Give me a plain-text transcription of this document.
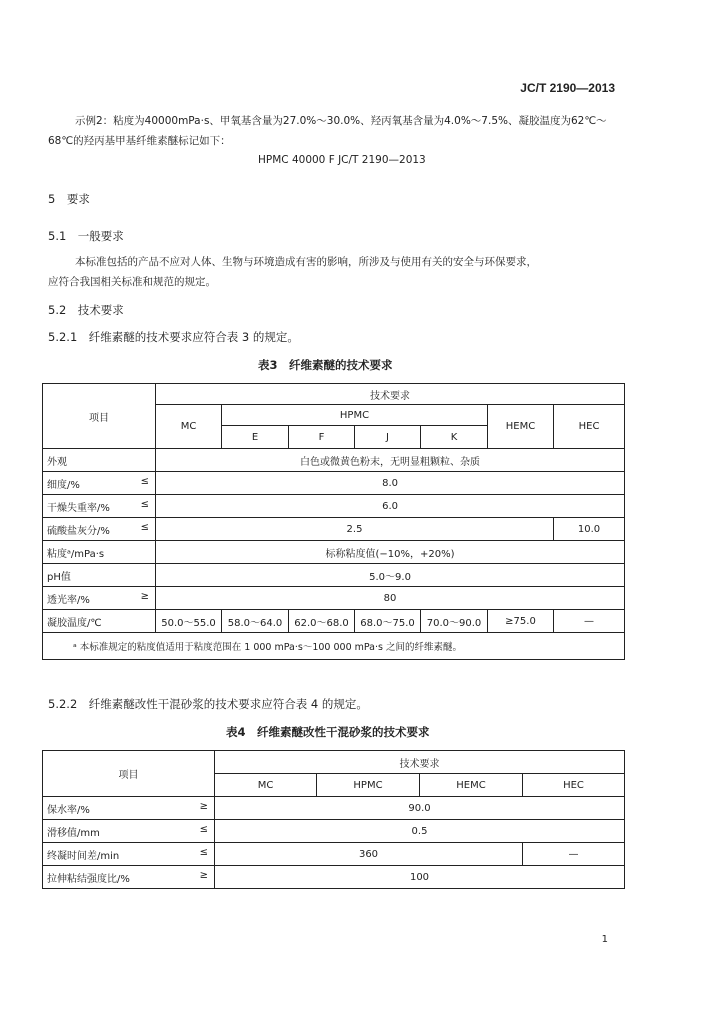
JC/T 2190—2013
示例2：粘度为40000mPa·s、甲氧基含量为27.0%～30.0%、羟丙氧基含量为4.0%～7.5%、凝胶温度为62℃～
68℃的羟丙基甲基纤维素醚标记如下：
HPMC 40000 F JC/T 2190—2013
5　要求
5.1　一般要求
本标准包括的产品不应对人体、生物与环境造成有害的影响，所涉及与使用有关的安全与环保要求，
应符合我国相关标准和规范的规定。
5.2　技术要求
5.2.1　纤维素醚的技术要求应符合表 3 的规定。
表3　纤维素醚的技术要求
项目	技术要求						
	MC	HPMC				HEMC	HEC
		E	F	J	K		
外观	白色或微黄色粉末，无明显粗颗粒、杂质						

细度/% ≤	8.0						

干燥失重率/% ≤	6.0						

硫酸盐灰分/% ≤	2.5						10.0
粘度ᵃ/mPa·s	标称粘度值(−10%，+20%)						
pH值	5.0～9.0						

透光率/% ≥	80						
凝胶温度/℃	50.0～55.0	58.0～64.0	62.0～68.0	68.0～75.0	70.0～90.0	≥75.0	—
ᵃ 本标准规定的粘度值适用于粘度范围在 1 000 mPa·s～100 000 mPa·s 之间的纤维素醚。							
5.2.2　纤维素醚改性干混砂浆的技术要求应符合表 4 的规定。
表4　纤维素醚改性干混砂浆的技术要求
项目	技术要求			
	MC	HPMC	HEMC	HEC

保水率/% ≥	90.0			

滑移值/mm ≤	0.5			

终凝时间差/min ≤	360			—

拉伸粘结强度比/% ≥	100			
1
